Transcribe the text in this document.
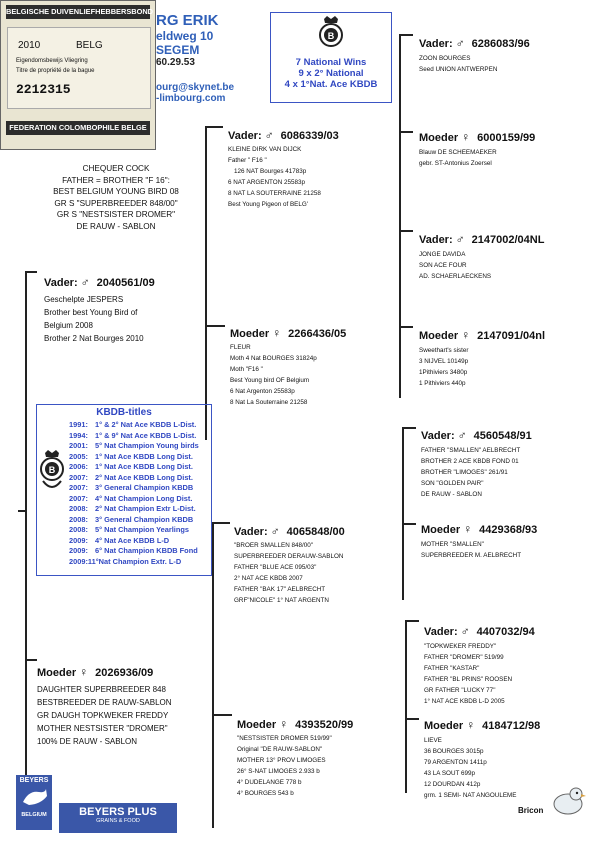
BELGISCHE DUIVENLIEFHEBBERSBOND
2010	BELG
Eigendomsbewijs Vliegring
Titre de propriété de la bague
2212315
FEDERATION COLOMBOPHILE BELGE
RG ERIK
eldweg 10
SEGEM
60.29.53
ourg@skynet.be
-limbourg.com
B
7 National Wins
9 x 2° National
4 x 1°Nat. Ace KBDB
CHEQUER COCK
FATHER = BROTHER "F 16":
BEST BELGIUM YOUNG BIRD 08
GR S "SUPERBREEDER 848/00"
GR S "NESTSISTER DROMER"
DE RAUW - SABLON
Vader: ♂ 2040561/09
Geschelpte JESPERS
Brother best Young Bird of
Belgium 2008
Brother 2 Nat Bourges 2010
KBDB-titles
B
1991: 1° & 2° Nat Ace KBDB L-Dist.
1994: 1° & 9° Nat Ace KBDB L-Dist.
2001: 5° Nat Champion Young birds
2005: 1° Nat Ace KBDB Long Dist.
2006: 1° Nat Ace KBDB Long Dist.
2007: 2° Nat Ace KBDB Long Dist.
2007: 3° General Champion KBDB
2007: 4° Nat Champion Long Dist.
2008: 2° Nat Champion Extr L-Dist.
2008: 3° General Champion KBDB
2008: 5° Nat Champion Yearlings
2009: 4° Nat Ace KBDB L-D
2009: 6° Nat Champion KBDB Fond
2009:11°Nat Champion Extr. L-D
Moeder ♀ 2026936/09
DAUGHTER SUPERBREEDER 848
BESTBREEDER DE RAUW-SABLON
GR DAUGH TOPKWEKER FREDDY
MOTHER NESTSISTER "DROMER"
100% DE RAUW - SABLON
Vader: ♂ 6086339/03
KLEINE DIRK VAN DIJCK
Father " F16 "
126 NAT Bourges 41783p
6 NAT ARGENTON 25583p
8 NAT LA SOUTERRAINE 21258
Best Young Pigeon of BELG'
Moeder ♀ 2266436/05
FLEUR
Moth 4 Nat BOURGES 31824p
Moth "F16 "
Best Young bird OF Belgium
6 Nat Argenton 25583p
8 Nat La Souterraine 21258
Vader: ♂ 4065848/00
"BROER SMALLEN 848/00"
SUPERBREEDER DERAUW-SABLON
FATHER "BLUE ACE 095/03"
2° NAT ACE KBDB 2007
FATHER "BAK 17" AELBRECHT
GRF"NICOLE" 1° NAT ARGENTN
Moeder ♀ 4393520/99
"NESTSISTER DROMER 519/99"
Original "DE RAUW-SABLON"
MOTHER 13° PROV LIMOGES
26° S-NAT LIMOGES 2.933 b
4° DUDELANGE 778 b
4° BOURGES 543 b
Vader: ♂ 6286083/96
ZOON BOURGES
Seed UNION ANTWERPEN
Moeder ♀ 6000159/99
Blauw DE SCHEEMAEKER
gebr. ST-Antonius Zoersel
Vader: ♂ 2147002/04NL
JONGE DAVIDA
SON ACE FOUR
AD. SCHAERLAECKENS
Moeder ♀ 2147091/04nl
Sweethart's sister
3 NIJVEL 10149p
1Pithiviers 3480p
1 Pithiviers 440p
Vader: ♂ 4560548/91
FATHER "SMALLEN" AELBRECHT
BROTHER 2 ACE KBDB FOND 01
BROTHER "LIMOGES" 261/91
SON "GOLDEN PAIR"
DE RAUW - SABLON
Moeder ♀ 4429368/93
MOTHER "SMALLEN"
SUPERBREEDER M. AELBRECHT
Vader: ♂ 4407032/94
"TOPKWEKER FREDDY"
FATHER "DROMER" 519/99
FATHER "KASTAR"
FATHER "BL PRINS" ROOSEN
GR FATHER "LUCKY 77"
1° NAT ACE KBDB L-D 2005
Moeder ♀ 4184712/98
LIEVE
36 BOURGES 3015p
79 ARGENTON 1411p
43 LA SOUT 699p
12 DOURDAN 412p
grm. 1 SEMI- NAT ANGOULEME
BEYERS
BELGIUM	BEYERS PLUS
GRAINS & FOOD
Bricon
